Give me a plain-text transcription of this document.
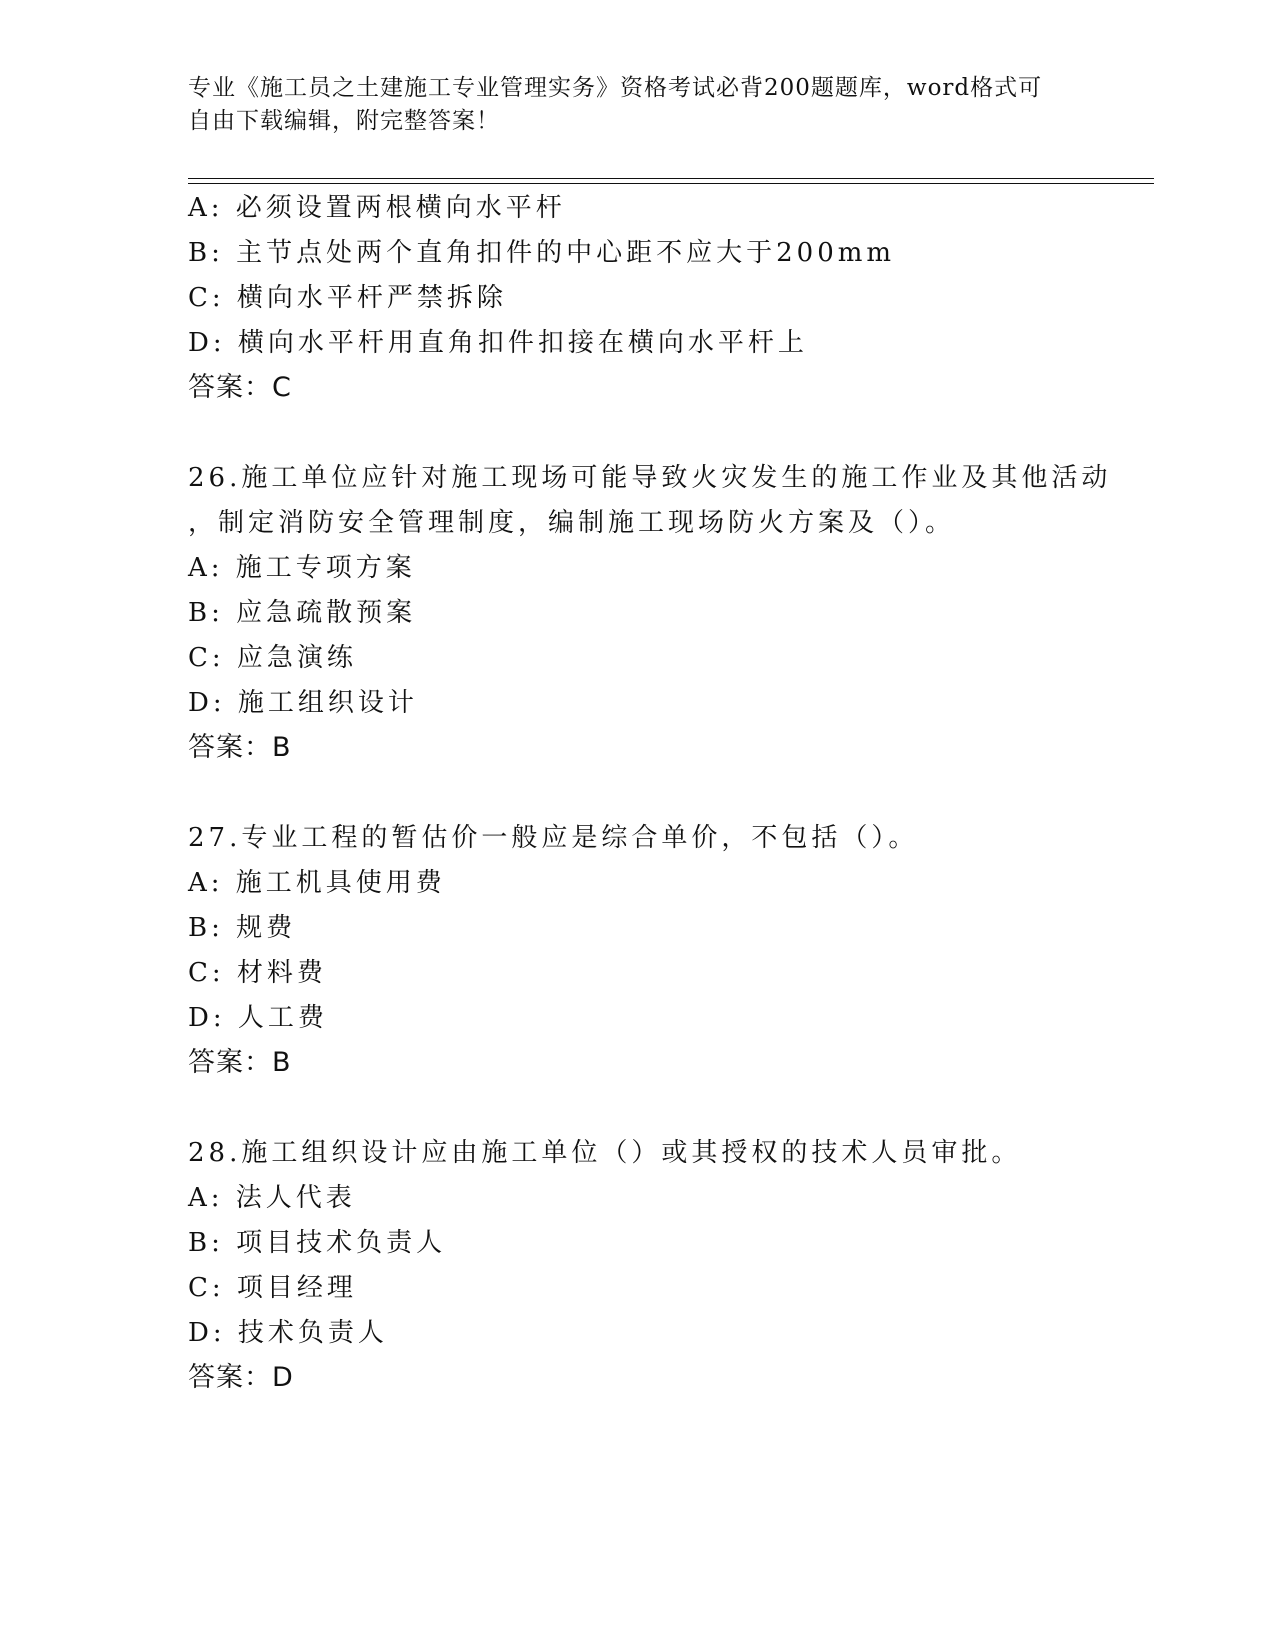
专业《施工员之土建施工专业管理实务》资格考试必背200题题库，word格式可
自由下载编辑，附完整答案！
A: 必须设置两根横向水平杆
B: 主节点处两个直角扣件的中心距不应大于200mm
C: 横向水平杆严禁拆除
D: 横向水平杆用直角扣件扣接在横向水平杆上
答案：C
26.施工单位应针对施工现场可能导致火灾发生的施工作业及其他活动
，制定消防安全管理制度，编制施工现场防火方案及（）。
A: 施工专项方案
B: 应急疏散预案
C: 应急演练
D: 施工组织设计
答案：B
27.专业工程的暂估价一般应是综合单价，不包括（）。
A: 施工机具使用费
B: 规费
C: 材料费
D: 人工费
答案：B
28.施工组织设计应由施工单位（）或其授权的技术人员审批。
A: 法人代表
B: 项目技术负责人
C: 项目经理
D: 技术负责人
答案：D
